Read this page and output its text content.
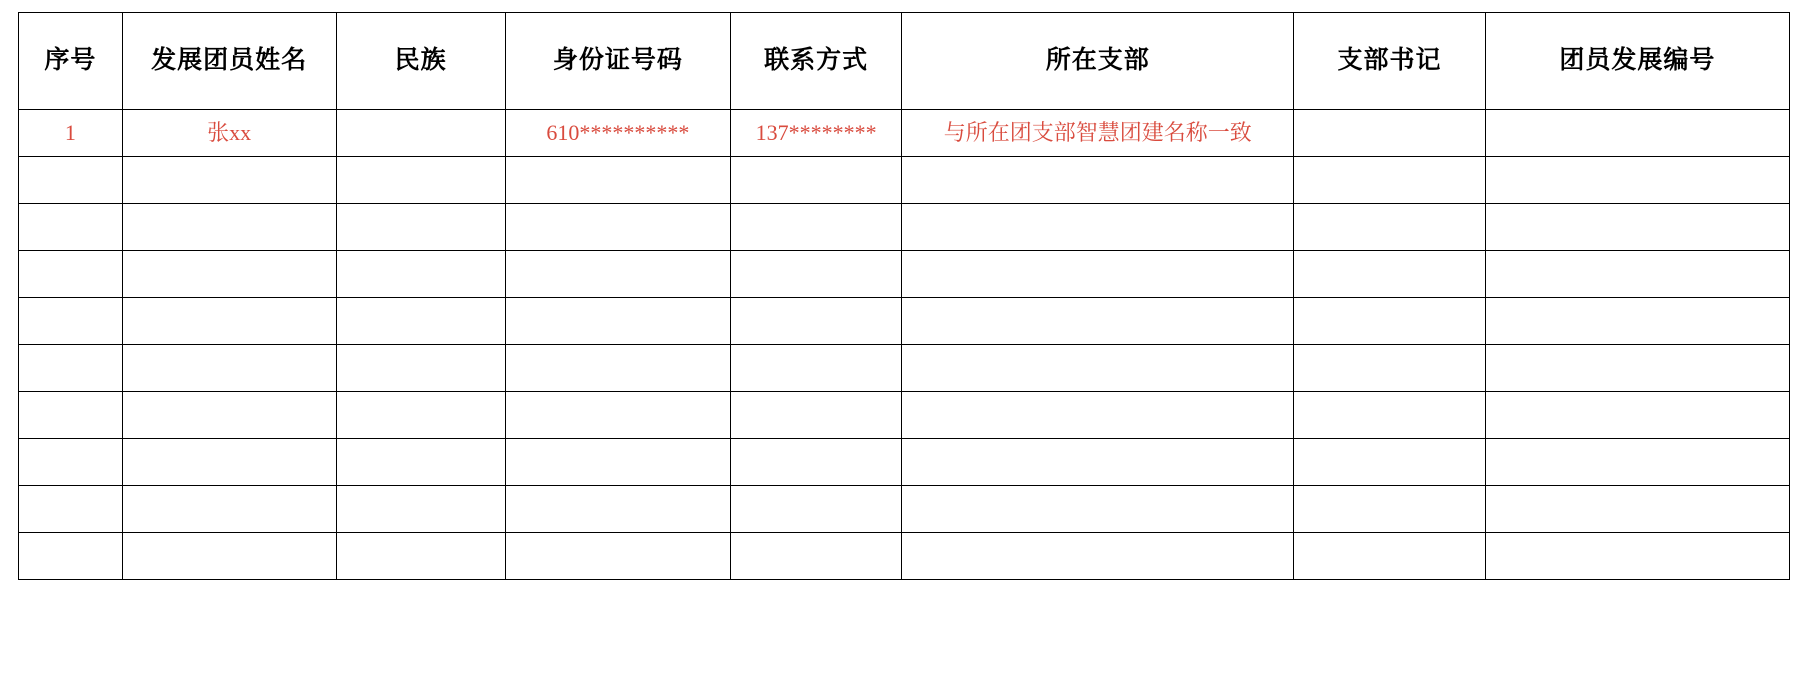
序号	发展团员姓名	民族	身份证号码	联系方式	所在支部	支部书记	团员发展编号
1	张xx		610**********	137********	与所在团支部智慧团建名称一致		
